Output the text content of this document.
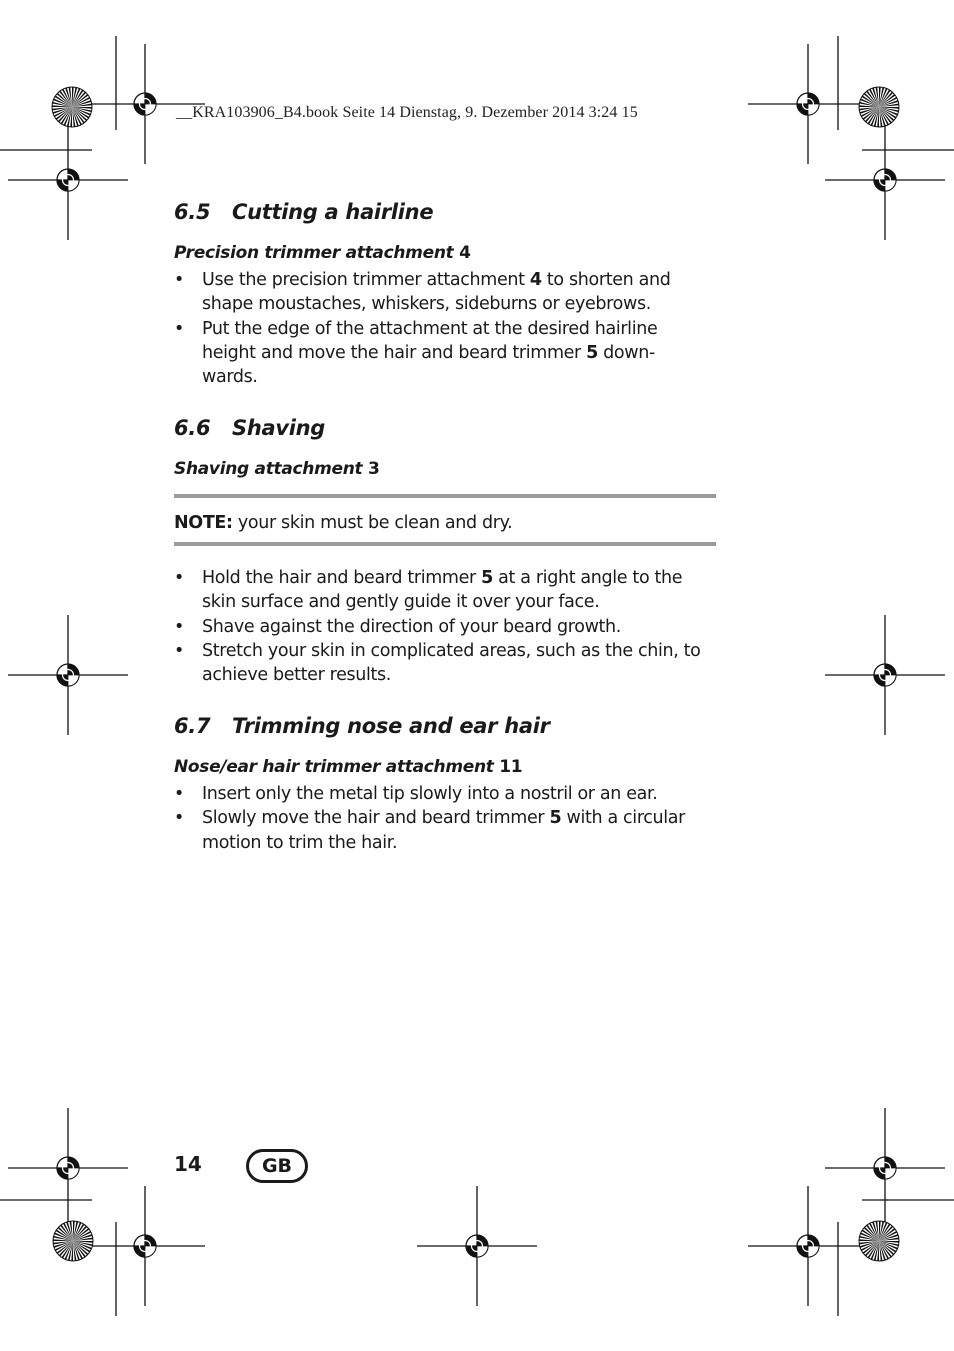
__KRA103906_B4.book Seite 14 Dienstag, 9. Dezember 2014 3:24 15
6.5 Cutting a hairline
Precision trimmer attachment 4
• Use the precision trimmer attachment 4 to shorten and
shape moustaches, whiskers, sideburns or eyebrows.
• Put the edge of the attachment at the desired hairline
height and move the hair and beard trimmer 5 down-
wards.
6.6 Shaving
Shaving attachment 3
NOTE: your skin must be clean and dry.
• Hold the hair and beard trimmer 5 at a right angle to the
skin surface and gently guide it over your face.
• Shave against the direction of your beard growth.
• Stretch your skin in complicated areas, such as the chin, to
achieve better results.
6.7 Trimming nose and ear hair
Nose/ear hair trimmer attachment 11
• Insert only the metal tip slowly into a nostril or an ear.
• Slowly move the hair and beard trimmer 5 with a circular
motion to trim the hair.
14	GB
